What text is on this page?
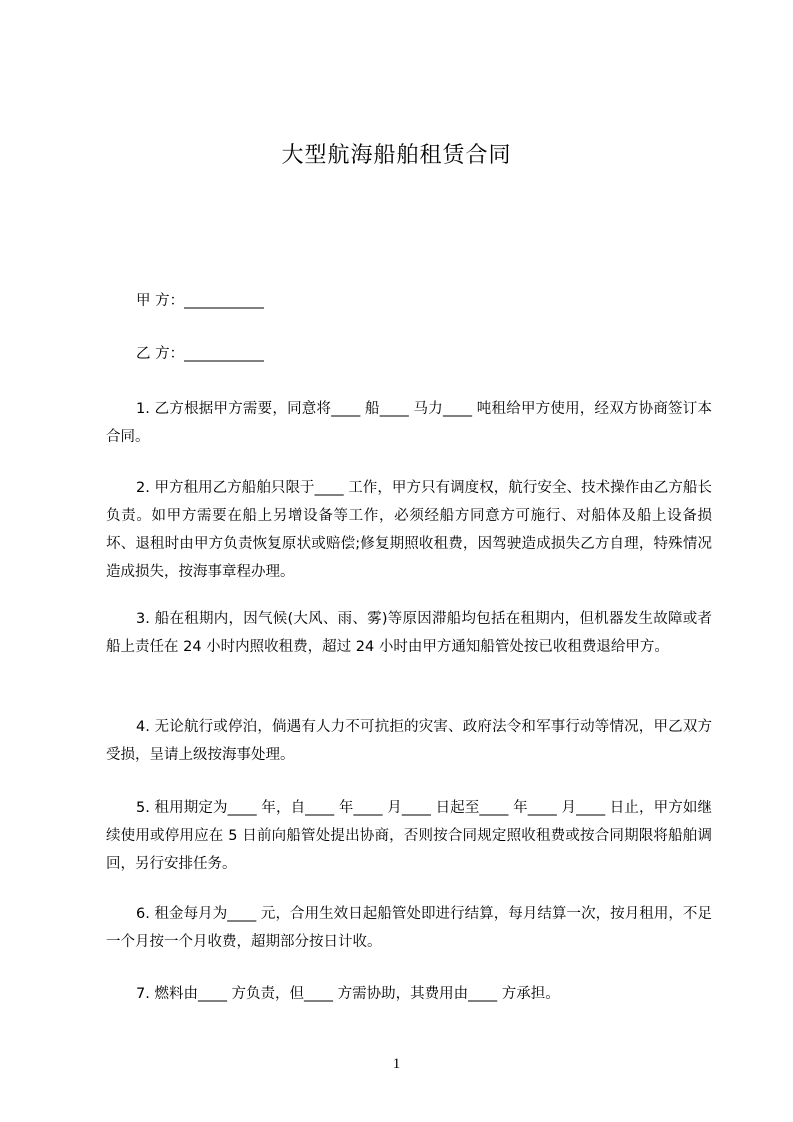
大型航海船舶租赁合同
甲 方：___________
乙 方：___________

1. 乙方根据甲方需要，同意将____ 船____ 马力____ 吨租给甲方使用，经双方协商签订本合同。

2. 甲方租用乙方船舶只限于____ 工作，甲方只有调度权，航行安全、技术操作由乙方船长负责。如甲方需要在船上另增设备等工作，必须经船方同意方可施行、对船体及船上设备损坏、退租时由甲方负责恢复原状或赔偿;修复期照收租费，因驾驶造成损失乙方自理，特殊情况造成损失，按海事章程办理。

3. 船在租期内，因气候(大风、雨、雾)等原因滞船均包括在租期内，但机器发生故障或者船上责任在 24 小时内照收租费，超过 24 小时由甲方通知船管处按已收租费退给甲方。

4. 无论航行或停泊，倘遇有人力不可抗拒的灾害、政府法令和军事行动等情况，甲乙双方受损，呈请上级按海事处理。

5. 租用期定为____ 年，自____ 年____ 月____ 日起至____ 年____ 月____ 日止，甲方如继续使用或停用应在 5 日前向船管处提出协商，否则按合同规定照收租费或按合同期限将船舶调回，另行安排任务。

6. 租金每月为____ 元，合用生效日起船管处即进行结算，每月结算一次，按月租用，不足一个月按一个月收费，超期部分按日计收。

7. 燃料由____ 方负责，但____ 方需协助，其费用由____ 方承担。

1
